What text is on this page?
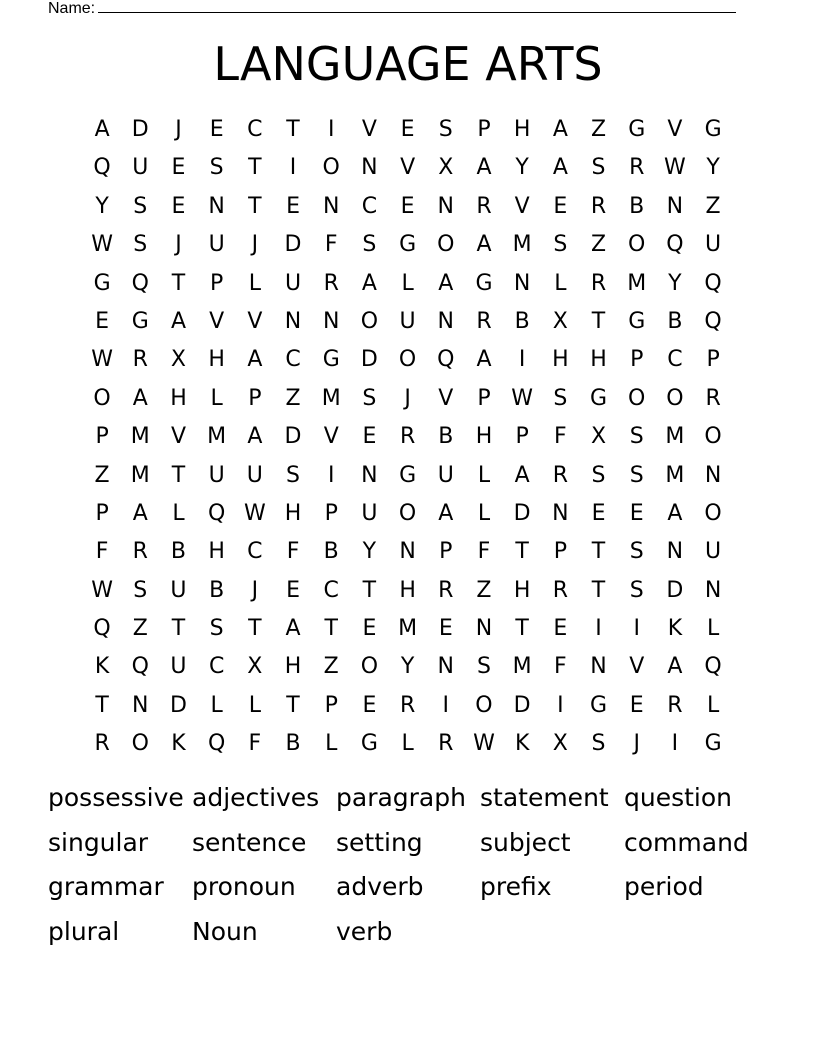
Name:
LANGUAGE ARTS
A	D	J	E	C	T	I	V	E	S	P	H	A	Z	G	V	G
Q U	E	S	T	I	O N	V	X	A	Y	A	S	R W Y
Y	S	E	N	T	E	N	C	E	N	R	V	E	R	B	N	Z
W S	J	U	J	D	F	S	G O	A M S	Z O Q U
G Q	T	P	L	U	R	A	L	A	G N	L	R M Y	Q
E	G	A	V	V	N N O U N	R	B	X	T	G	B Q
W R	X	H	A	C G D O Q	A	I	H H	P	C	P
O	A	H	L	P	Z M S	J	V	P W S	G O O R
P	M V M A	D	V	E	R	B	H	P	F	X	S M O
Z M T	U	U	S	I	N G U	L	A	R	S	S M N
P	A	L	Q W H	P	U O	A	L	D N	E	E	A O
F	R	B	H	C	F	B	Y	N	P	F	T	P	T	S	N U
W S	U	B	J	E	C	T	H	R	Z	H	R	T	S	D N
Q Z	T	S	T	A	T	E M E	N	T	E	I	I	K	L
K	Q U	C	X	H	Z O	Y	N	S M	F	N	V	A Q
T	N D	L	L	T	P	E	R	I	O D	I	G	E	R	L
R O	K	Q	F	B	L	G	L	R W K	X	S	J	I	G
possessive adjectives paragraph statement question
singular	sentence	setting	subject	command
grammar	pronoun	adverb	prefix	period
plural	Noun	verb
